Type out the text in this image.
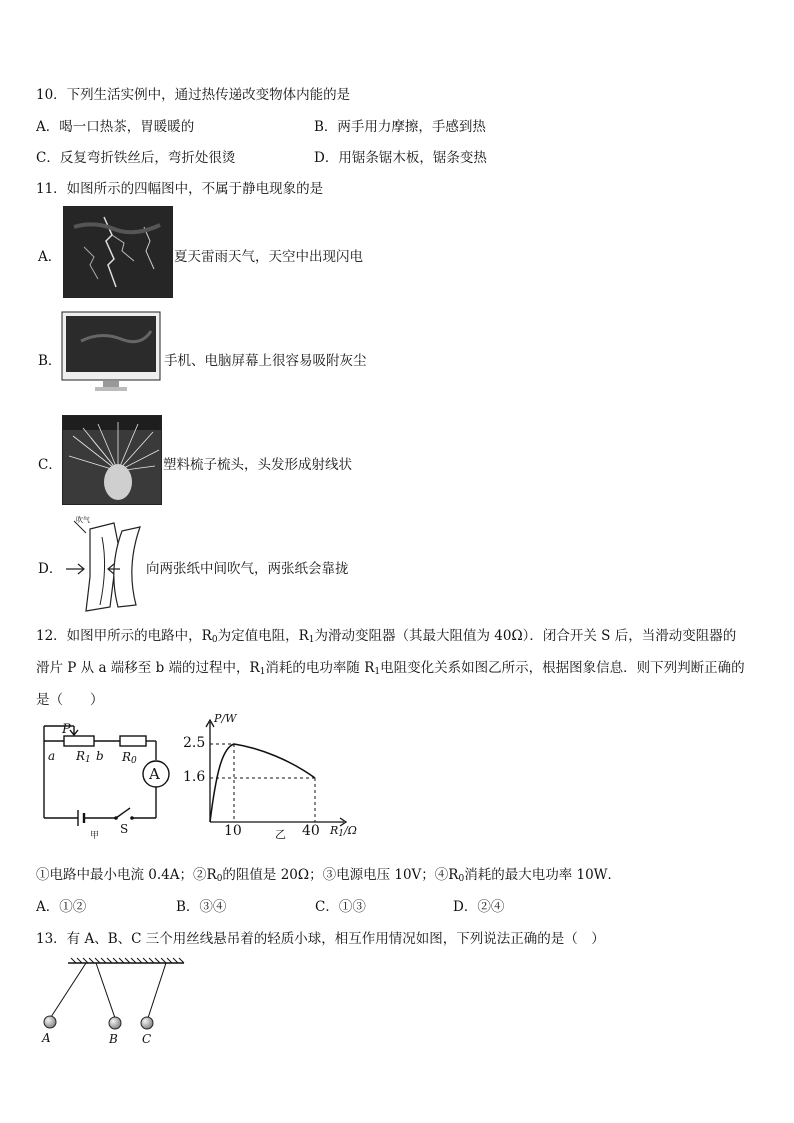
10．下列生活实例中，通过热传递改变物体内能的是
A．喝一口热茶，胃暖暖的	B．两手用力摩擦，手感到热
C．反复弯折铁丝后，弯折处很烫	D．用锯条锯木板，锯条变热
11．如图所示的四幅图中，不属于静电现象的是
A．	夏天雷雨天气，天空中出现闪电
B．	手机、电脑屏幕上很容易吸附灰尘
C．	塑料梳子梳头，头发形成射线状
D．
吹气
向两张纸中间吹气，两张纸会靠拢
12．如图甲所示的电路中，$R_0$为定值电阻，$R_1$为滑动变阻器（其最大阻值为 40Ω）．闭合开关 S 后，当滑动变阻器的
滑片 P 从 a 端移至 b 端的过程中，$R_1$消耗的电功率随 $R_1$电阻变化关系如图乙所示，根据图象信息．则下列判断正确的
是（　　）
P
a $R_1$ b $R_0$
A
S
甲
P/W
2.5
1.6
10	乙 40 $R_1/\Omega$
①电路中最小电流 0.4A；$②R_0$的阻值是 20Ω；③电源电压 10V；$④R_0$消耗的最大电功率 10W．
A．①②	B．③④	C．①③	D．②④
13．有 A、B、C 三个用丝线悬吊着的轻质小球，相互作用情况如图，下列说法正确的是（　）
A	B C
